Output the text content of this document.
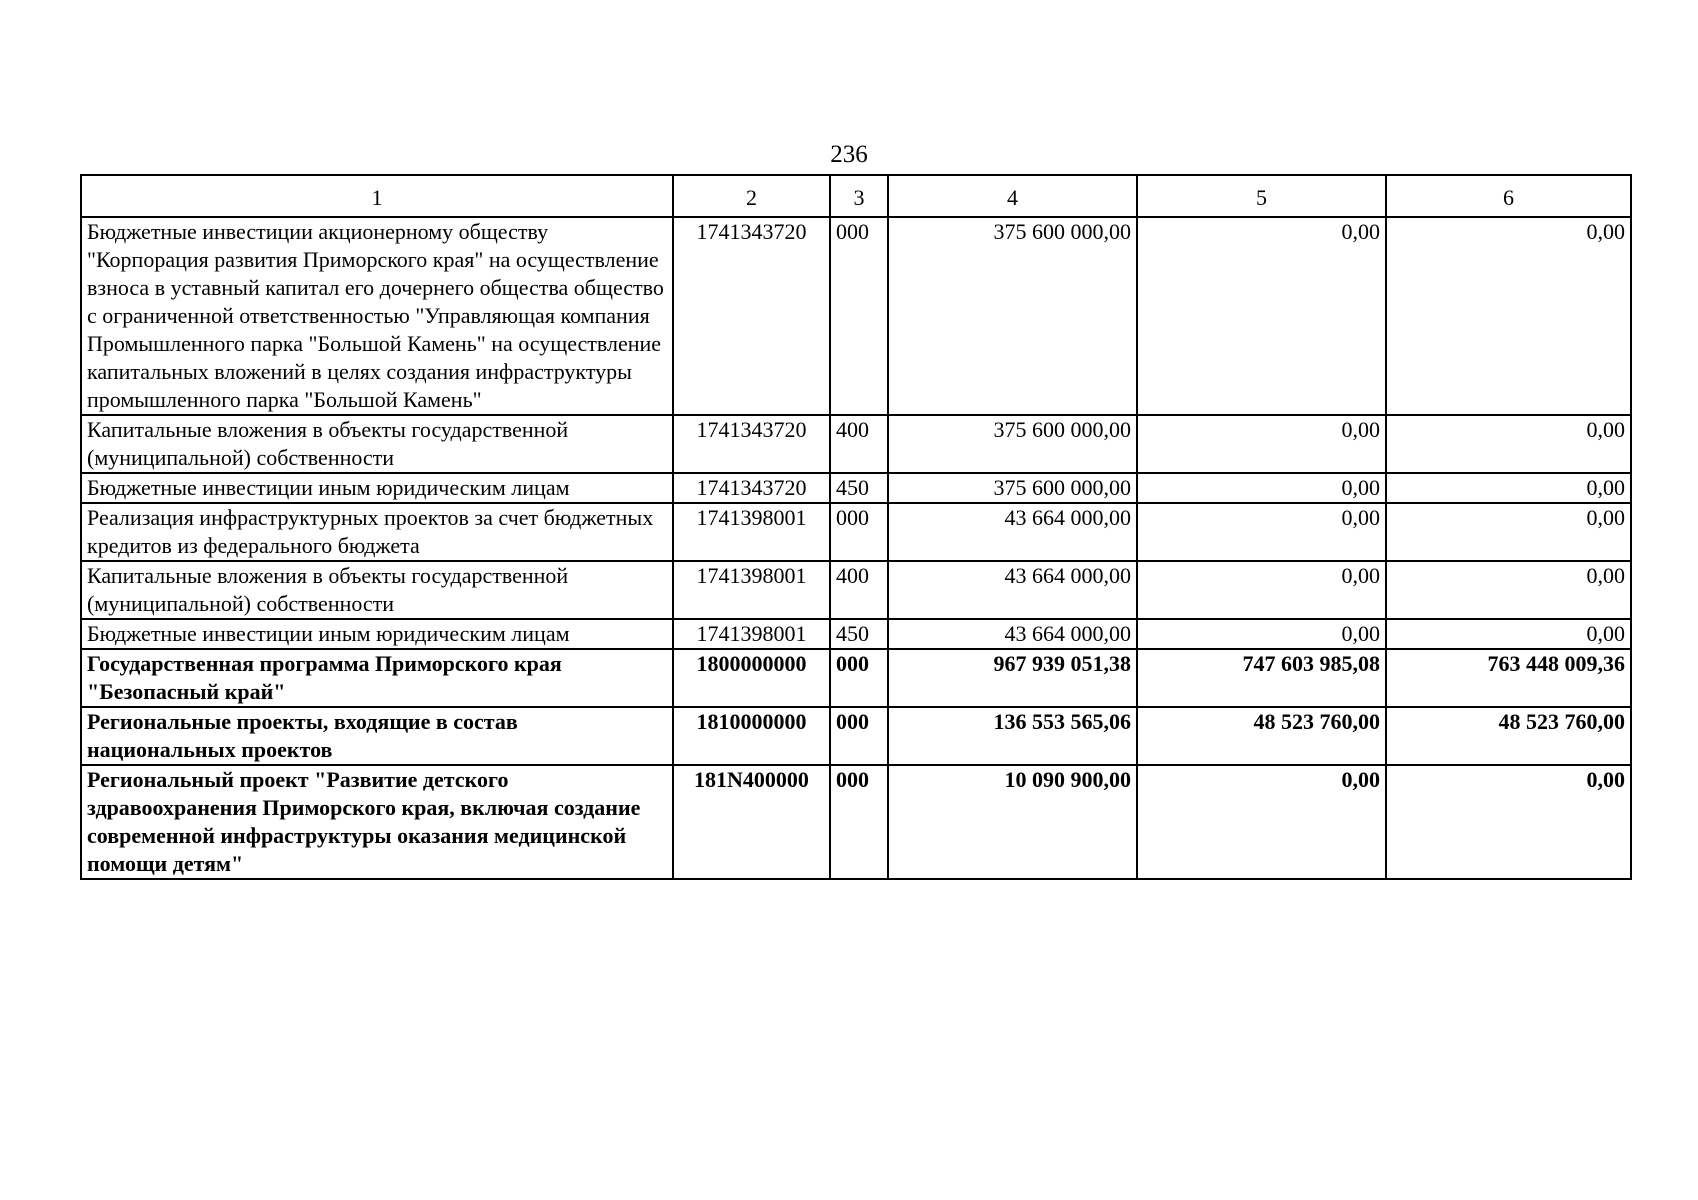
236
1	2	3	4	5	6
Бюджетные инвестиции акционерному обществу "Корпорация развития Приморского края" на осуществление взноса в уставный капитал его дочернего общества общество с ограниченной ответственностью "Управляющая компания Промышленного парка "Большой Камень" на осуществление капитальных вложений в целях создания инфраструктуры промышленного парка "Большой Камень"	1741343720	000	375 600 000,00	0,00	0,00
Капитальные вложения в объекты государственной (муниципальной) собственности	1741343720	400	375 600 000,00	0,00	0,00
Бюджетные инвестиции иным юридическим лицам	1741343720	450	375 600 000,00	0,00	0,00
Реализация инфраструктурных проектов за счет бюджетных кредитов из федерального бюджета	1741398001	000	43 664 000,00	0,00	0,00
Капитальные вложения в объекты государственной (муниципальной) собственности	1741398001	400	43 664 000,00	0,00	0,00
Бюджетные инвестиции иным юридическим лицам	1741398001	450	43 664 000,00	0,00	0,00
Государственная программа Приморского края "Безопасный край"	1800000000	000	967 939 051,38	747 603 985,08	763 448 009,36
Региональные проекты, входящие в состав национальных проектов	1810000000	000	136 553 565,06	48 523 760,00	48 523 760,00
Региональный проект "Развитие детского здравоохранения Приморского края, включая создание современной инфраструктуры оказания медицинской помощи детям"	181N400000	000	10 090 900,00	0,00	0,00
